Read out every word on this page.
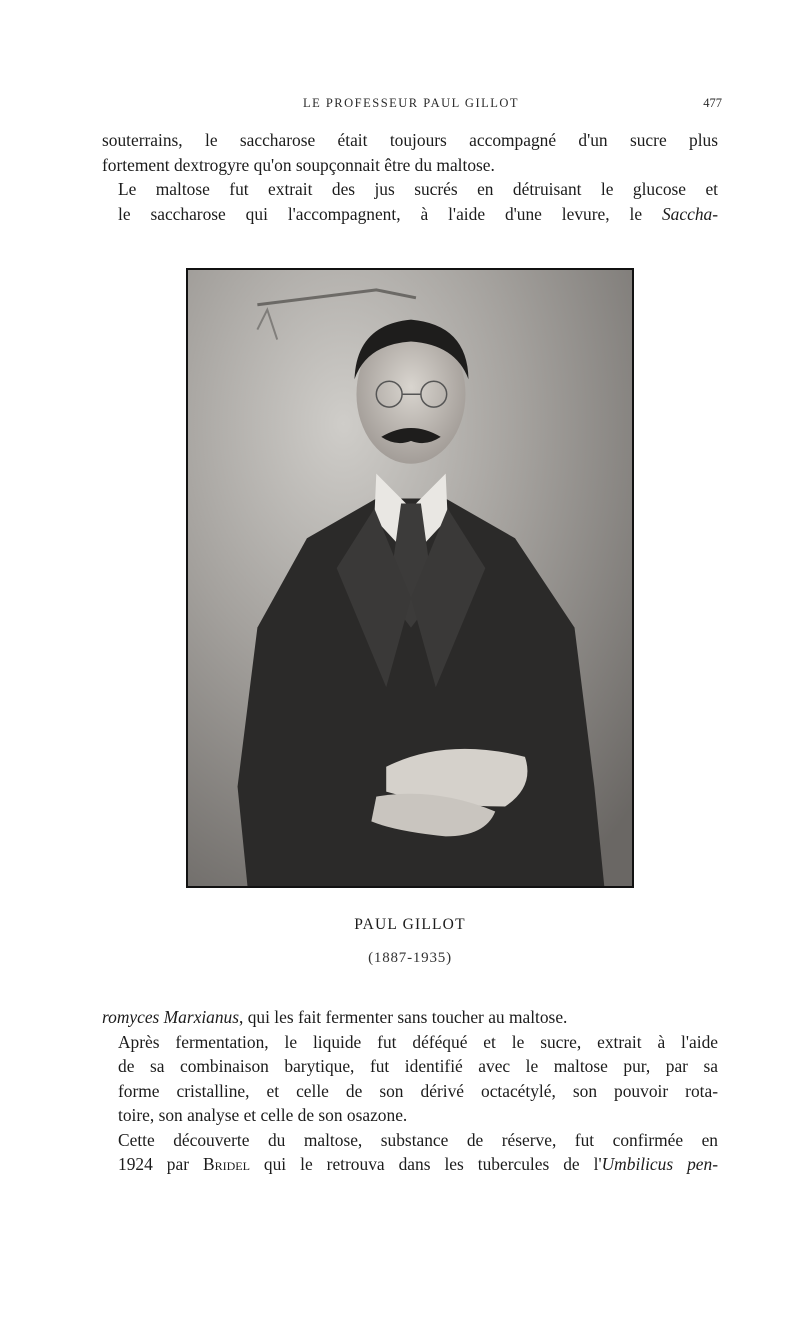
LE PROFESSEUR PAUL GILLOT	477

souterrains, le saccharose était toujours accompagné d'un sucre plus
fortement dextrogyre qu'on soupçonnait être du maltose.

Le maltose fut extrait des jus sucrés en détruisant le glucose et
le saccharose qui l'accompagnent, à l'aide d'une levure, le Saccha-

PAUL GILLOT
(1887-1935)

romyces Marxianus, qui les fait fermenter sans toucher au maltose.

Après fermentation, le liquide fut déféqué et le sucre, extrait à l'aide
de sa combinaison barytique, fut identifié avec le maltose pur, par sa
forme cristalline, et celle de son dérivé octacétylé, son pouvoir rota-
toire, son analyse et celle de son osazone.

Cette découverte du maltose, substance de réserve, fut confirmée en
1924 par Bridel qui le retrouva dans les tubercules de l'Umbilicus pen-
